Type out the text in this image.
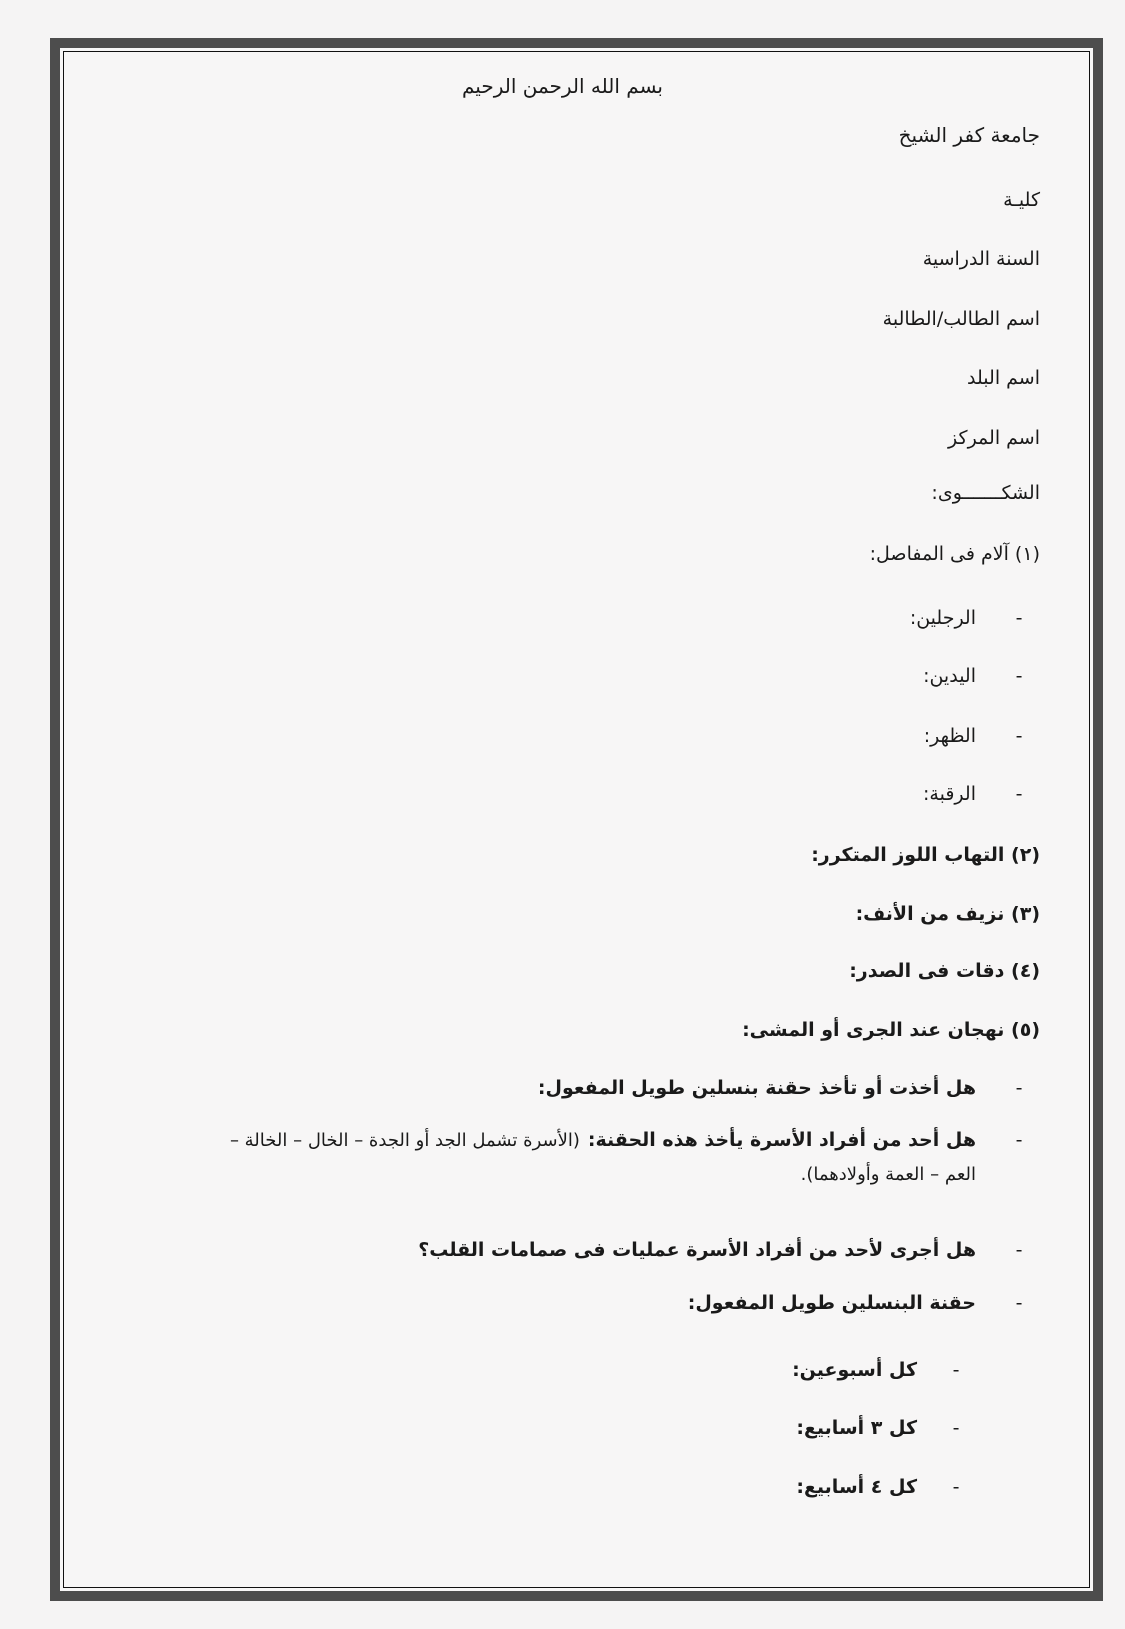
بسم الله الرحمن الرحيم
جامعة كفر الشيخ
كليـة
السنة الدراسية
اسم الطالب/الطالبة
اسم البلد
اسم المركز
الشكـــــــوى:
(١) آلام فى المفاصل:
-
الرجلين:
-
اليدين:
-
الظهر:
-
الرقبة:
(٢) التهاب اللوز المتكرر:
(٣) نزيف من الأنف:
(٤) دقات فى الصدر:
(٥) نهجان عند الجرى أو المشى:
-
هل أخذت أو تأخذ حقنة بنسلين طويل المفعول:
-
هل أحد من أفراد الأسرة يأخذ هذه الحقنة:
(الأسرة تشمل الجد أو الجدة – الخال – الخالة –
العم – العمة وأولادهما).
-
هل أجرى لأحد من أفراد الأسرة عمليات فى صمامات القلب؟
-
حقنة البنسلين طويل المفعول:
-
كل أسبوعين:
-
كل ٣ أسابيع:
-
كل ٤ أسابيع:
